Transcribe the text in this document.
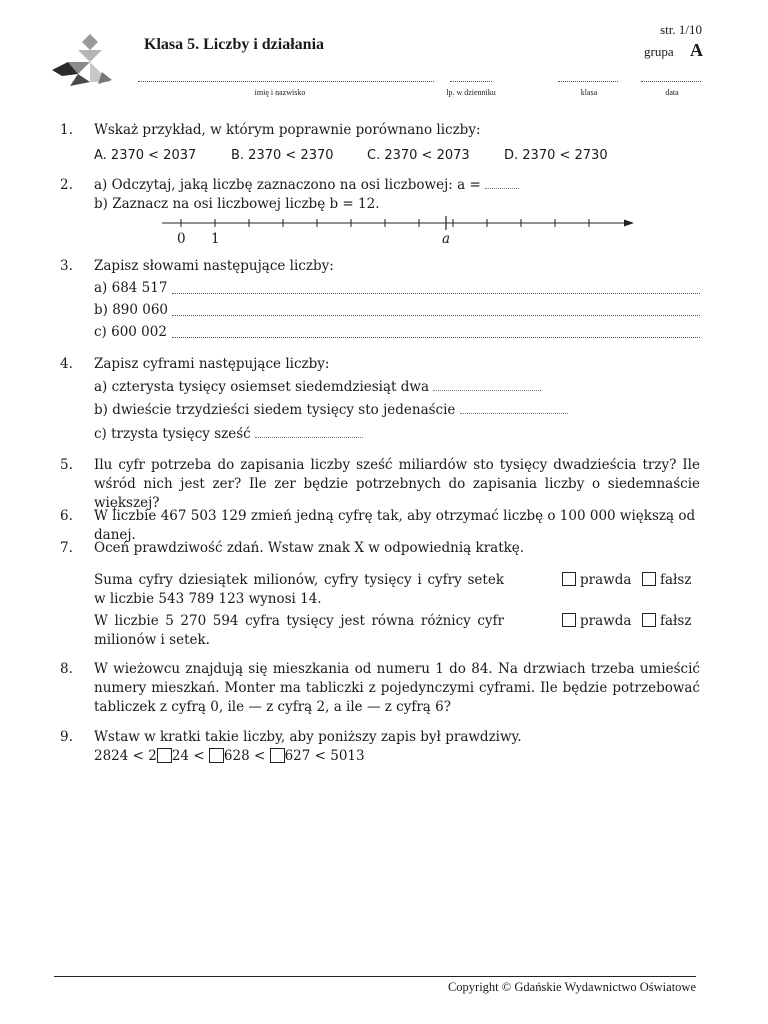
Klasa 5. Liczby i działania
str. 1/10
grupa A
imię i nazwisko	lp. w dzienniku	klasa	data
1. Wskaż przykład, w którym poprawnie porównano liczby:
A. 2370 < 2037	B. 2370 < 2370	C. 2370 < 2073	D. 2370 < 2730
2. a) Odczytaj, jaką liczbę zaznaczono na osi liczbowej: a =
b) Zaznacz na osi liczbowej liczbę b = 12.
0 1	a
3. Zapisz słowami następujące liczby:
a) 684 517
b) 890 060
c) 600 002
4. Zapisz cyframi następujące liczby:
a) czterysta tysięcy osiemset siedemdziesiąt dwa
b) dwieście trzydzieści siedem tysięcy sto jedenaście
c) trzysta tysięcy sześć
5. Ilu cyfr potrzeba do zapisania liczby sześć miliardów sto tysięcy dwadzieścia trzy? Ile wśród nich jest zer? Ile zer będzie potrzebnych do zapisania liczby o siedemnaście większej?
6. W liczbie 467 503 129 zmień jedną cyfrę tak, aby otrzymać liczbę o 100 000 większą od danej.
7. Oceń prawdziwość zdań. Wstaw znak X w odpowiednią kratkę.
Suma cyfry dziesiątek milionów, cyfry tysięcy i cyfry setek w liczbie 543 789 123 wynosi 14.
prawda	fałsz
W liczbie 5 270 594 cyfra tysięcy jest równa różnicy cyfr milionów i setek.
prawda	fałsz
8. W wieżowcu znajdują się mieszkania od numeru 1 do 84. Na drzwiach trzeba umieścić numery mieszkań. Monter ma tabliczki z pojedynczymi cyframi. Ile będzie potrzebować tabliczek z cyfrą 0, ile — z cyfrą 2, a ile — z cyfrą 6?
9. Wstaw w kratki takie liczby, aby poniższy zapis był prawdziwy.
2824 < 2 24 < 628 < 627 < 5013
Copyright © Gdańskie Wydawnictwo Oświatowe
